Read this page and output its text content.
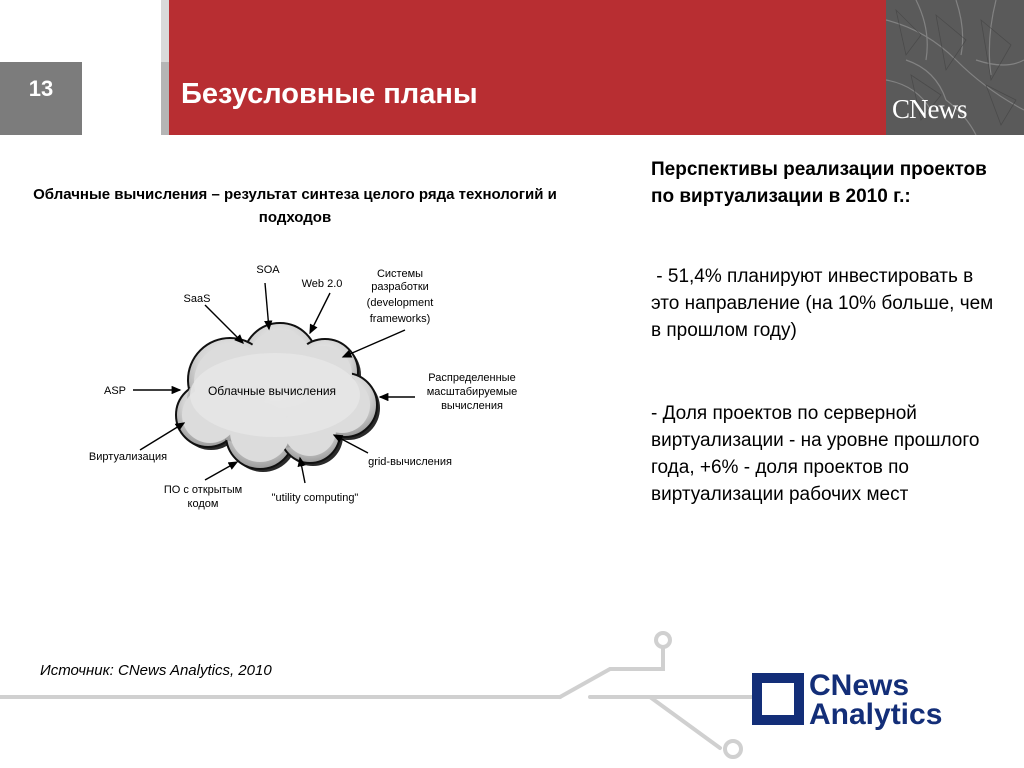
13	Безусловные планы	CNews
Облачные вычисления – результат синтеза целого ряда технологий и подходов
Облачные вычисления
SOA
Web 2.0
SaaS
Системы
разработки
(development
frameworks)
ASP
Распределенные
масштабируемые
вычисления
Виртуализация	grid-вычисления
ПО с открытым
кодом	"utility computing"
Перспективы реализации проектов по виртуализации в 2010 г.:
- 51,4% планируют инвестировать в это направление (на 10% больше, чем в прошлом году)
- Доля проектов по серверной виртуализации - на уровне прошлого года, +6% - доля проектов по виртуализации рабочих мест
Источник: CNews Analytics, 2010	CNews
Analytics
